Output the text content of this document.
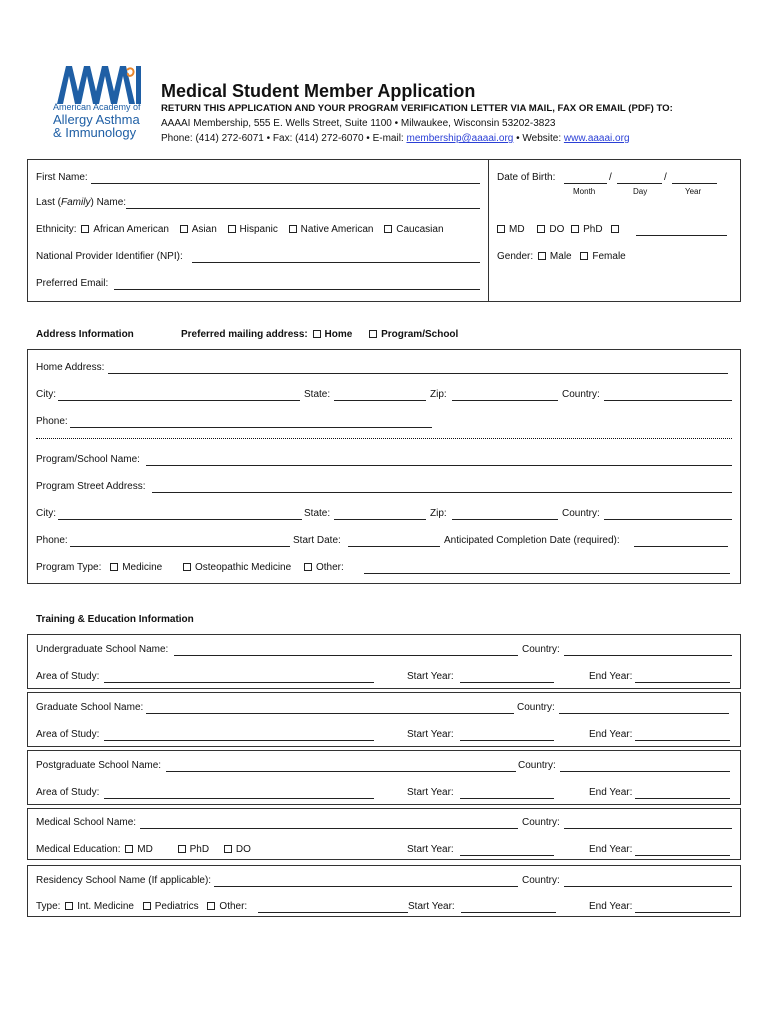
American Academy of
Allergy Asthma
& Immunology
Medical Student Member Application
RETURN THIS APPLICATION AND YOUR PROGRAM VERIFICATION LETTER VIA MAIL, FAX OR EMAIL (PDF) TO:
AAAAI Membership, 555 E. Wells Street, Suite 1100 • Milwaukee, Wisconsin 53202-3823
Phone: (414) 272-6071 • Fax: (414) 272-6070 • E-mail: membership@aaaai.org • Website: www.aaaai.org
First Name:
Last (Family) Name:
Ethnicity: African American Asian Hispanic Native American Caucasian
National Provider Identifier (NPI):
Preferred Email:
Date of Birth:	/	/
Month	Day	Year
MD DO PhD
Gender: Male Female
Address Information	Preferred mailing address: Home	Program/School
Home Address:
City:	State:	Zip:	Country:
Phone:
Program/School Name:
Program Street Address:
City:	State:	Zip:	Country:
Phone:	Start Date:	Anticipated Completion Date (required):
Program Type: Medicine	Osteopathic Medicine Other:
Training & Education Information
Undergraduate School Name:	Country:
Area of Study:	Start Year:	End Year:
Graduate School Name:	Country:
Area of Study:	Start Year:	End Year:
Postgraduate School Name:	Country:
Area of Study:	Start Year:	End Year:
Medical School Name:	Country:
Medical Education: MD	PhD	DO	Start Year:	End Year:
Residency School Name (If applicable):	Country:
Type: Int. Medicine Pediatrics Other:	Start Year:	End Year:
